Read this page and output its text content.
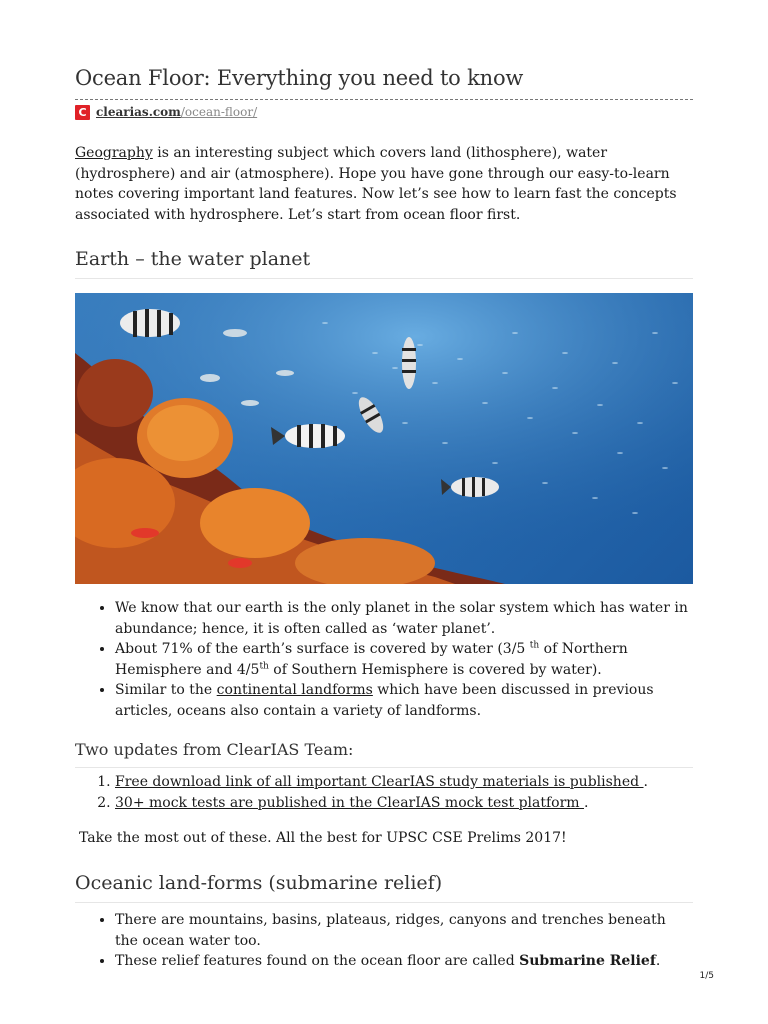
Ocean Floor: Everything you need to know
C clearias.com /ocean-floor/

Geography is an interesting subject which covers land (lithosphere), water (hydrosphere) and air (atmosphere). Hope you have gone through our easy-to-learn notes covering important land features. Now let’s see how to learn fast the concepts associated with hydrosphere. Let’s start from ocean floor first.

Earth – the water planet
• We know that our earth is the only planet in the solar system which has water in abundance; hence, it is often called as ‘water planet’.
• About 71% of the earth’s surface is covered by water (3/5 $^{th}$ of Northern Hemisphere and 4/5th of Southern Hemisphere is covered by water).
• Similar to the continental landforms which have been discussed in previous articles, oceans also contain a variety of landforms.
Two updates from ClearIAS Team:
1. Free download link of all important ClearIAS study materials is published .
2. 30+ mock tests are published in the ClearIAS mock test platform .

Take the most out of these. All the best for UPSC CSE Prelims 2017!

Oceanic land-forms (submarine relief)
• There are mountains, basins, plateaus, ridges, canyons and trenches beneath the ocean water too.
• These relief features found on the ocean floor are called Submarine Relief.
1/5
